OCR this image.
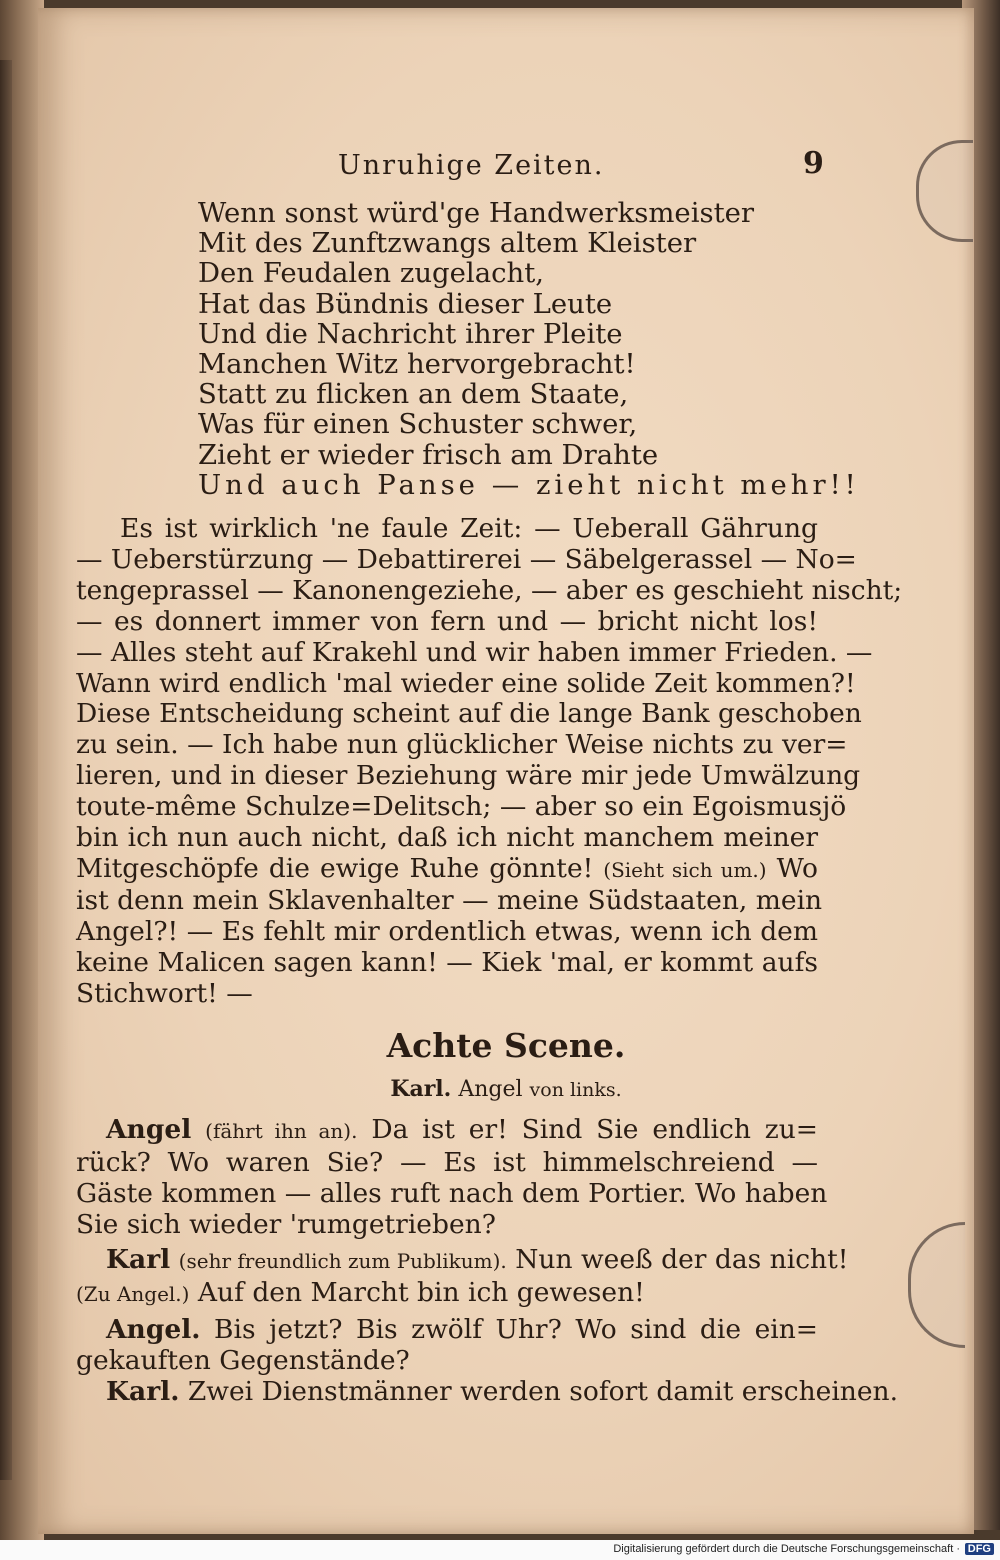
Unruhige Zeiten.	9
Wenn sonst würd'ge Handwerksmeister
Mit des Zunftzwangs altem Kleister
Den Feudalen zugelacht,
Hat das Bündnis dieser Leute
Und die Nachricht ihrer Pleite
Manchen Witz hervorgebracht!
Statt zu flicken an dem Staate,
Was für einen Schuster schwer,
Zieht er wieder frisch am Drahte
Und auch Panse — zieht nicht mehr!!
Es ist wirklich 'ne faule Zeit: — Ueberall Gährung
— Ueberstürzung — Debattirerei — Säbelgerassel — No=
tengeprassel — Kanonengeziehe, — aber es geschieht nischt;
— es donnert immer von fern und — bricht nicht los!
— Alles steht auf Krakehl und wir haben immer Frieden. —
Wann wird endlich 'mal wieder eine solide Zeit kommen?!
Diese Entscheidung scheint auf die lange Bank geschoben
zu sein. — Ich habe nun glücklicher Weise nichts zu ver=
lieren, und in dieser Beziehung wäre mir jede Umwälzung
toute-même Schulze=Delitsch; — aber so ein Egoismusjö
bin ich nun auch nicht, daß ich nicht manchem meiner
Mitgeschöpfe die ewige Ruhe gönnte! (Sieht sich um.) Wo
ist denn mein Sklavenhalter — meine Südstaaten, mein
Angel?! — Es fehlt mir ordentlich etwas, wenn ich dem
keine Malicen sagen kann! — Kiek 'mal, er kommt aufs
Stichwort! —
Achte Scene.
Karl. Angel von links.
Angel (fährt ihn an). Da ist er! Sind Sie endlich zu=
rück? Wo waren Sie? — Es ist himmelschreiend —
Gäste kommen — alles ruft nach dem Portier. Wo haben
Sie sich wieder 'rumgetrieben?
Karl (sehr freundlich zum Publikum). Nun weeß der das nicht!
(Zu Angel.) Auf den Marcht bin ich gewesen!
Angel. Bis jetzt? Bis zwölf Uhr? Wo sind die ein=
gekauften Gegenstände?
Karl. Zwei Dienstmänner werden sofort damit erscheinen.
Digitalisierung gefördert durch die Deutsche Forschungsgemeinschaft · DFG
